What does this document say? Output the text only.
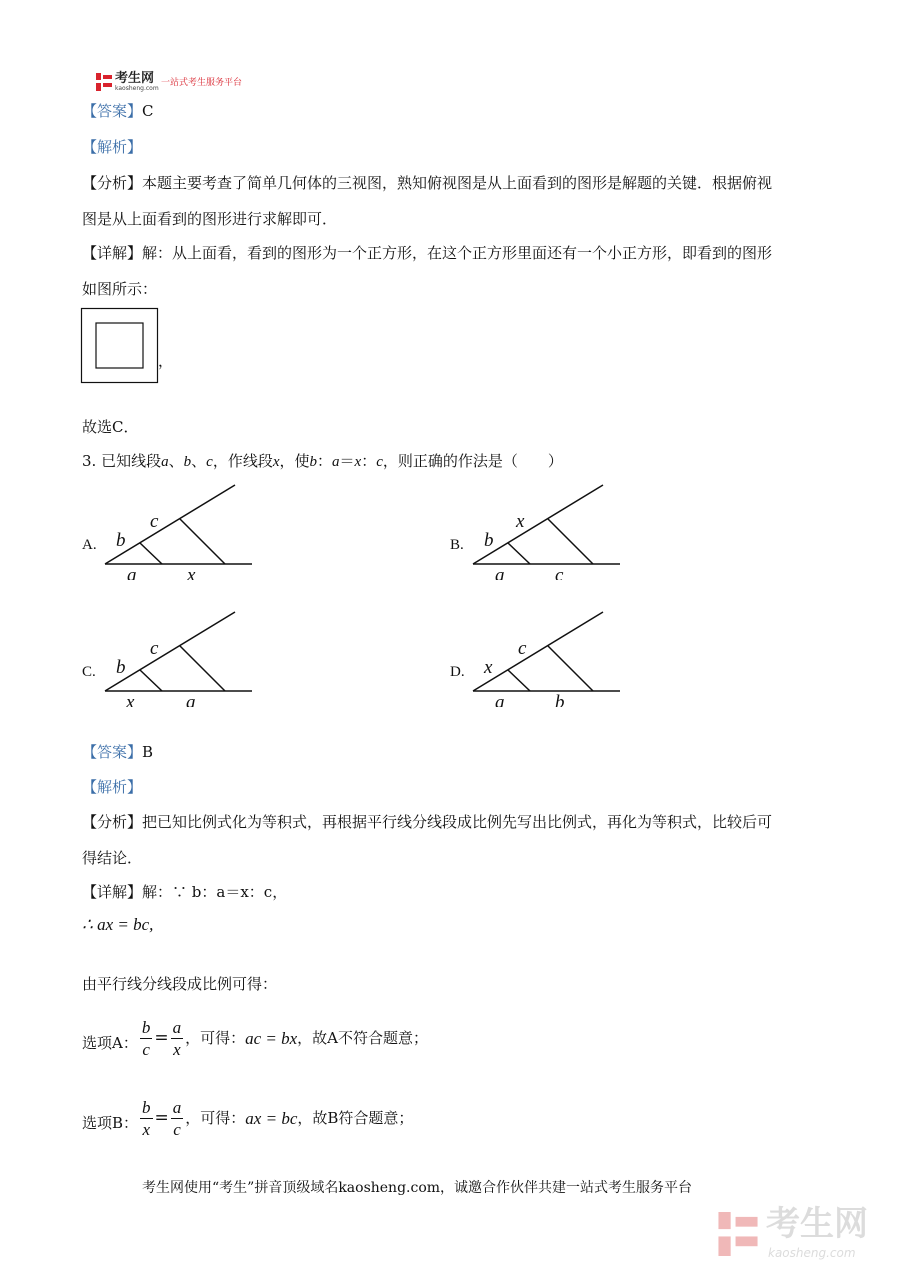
考生网
kaosheng.com
一站式考生服务平台
【答案】C
【解析】
【分析】本题主要考查了简单几何体的三视图，熟知俯视图是从上面看到的图形是解题的关键．根据俯视
图是从上面看到的图形进行求解即可．
【详解】解：从上面看，看到的图形为一个正方形，在这个正方形里面还有一个小正方形，即看到的图形
如图所示：
，
故选C．
3. 已知线段a、b、c，作线段x，使b：a＝x：c，则正确的作法是（　　）
A. b
c
a	x
B. b
x
a	c
C. b
c
x	a
D. x
c
a	b
【答案】B
【解析】
【分析】把已知比例式化为等积式，再根据平行线分线段成比例先写出比例式，再化为等积式，比较后可
得结论．
【详解】解：∵ b：a＝x：c，
∴ ax = bc,
由平行线分线段成比例可得：
选项A： $\frac{b}{c} = \frac{a}{x}$ ，可得： ac = bx ，故A不符合题意；
选项B： $\frac{b}{x} = \frac{a}{c}$ ，可得： ax = bc ，故B符合题意；
考生网使用“考生”拼音顶级域名kaosheng.com，诚邀合作伙伴共建一站式考生服务平台
考生网
kaosheng.com
